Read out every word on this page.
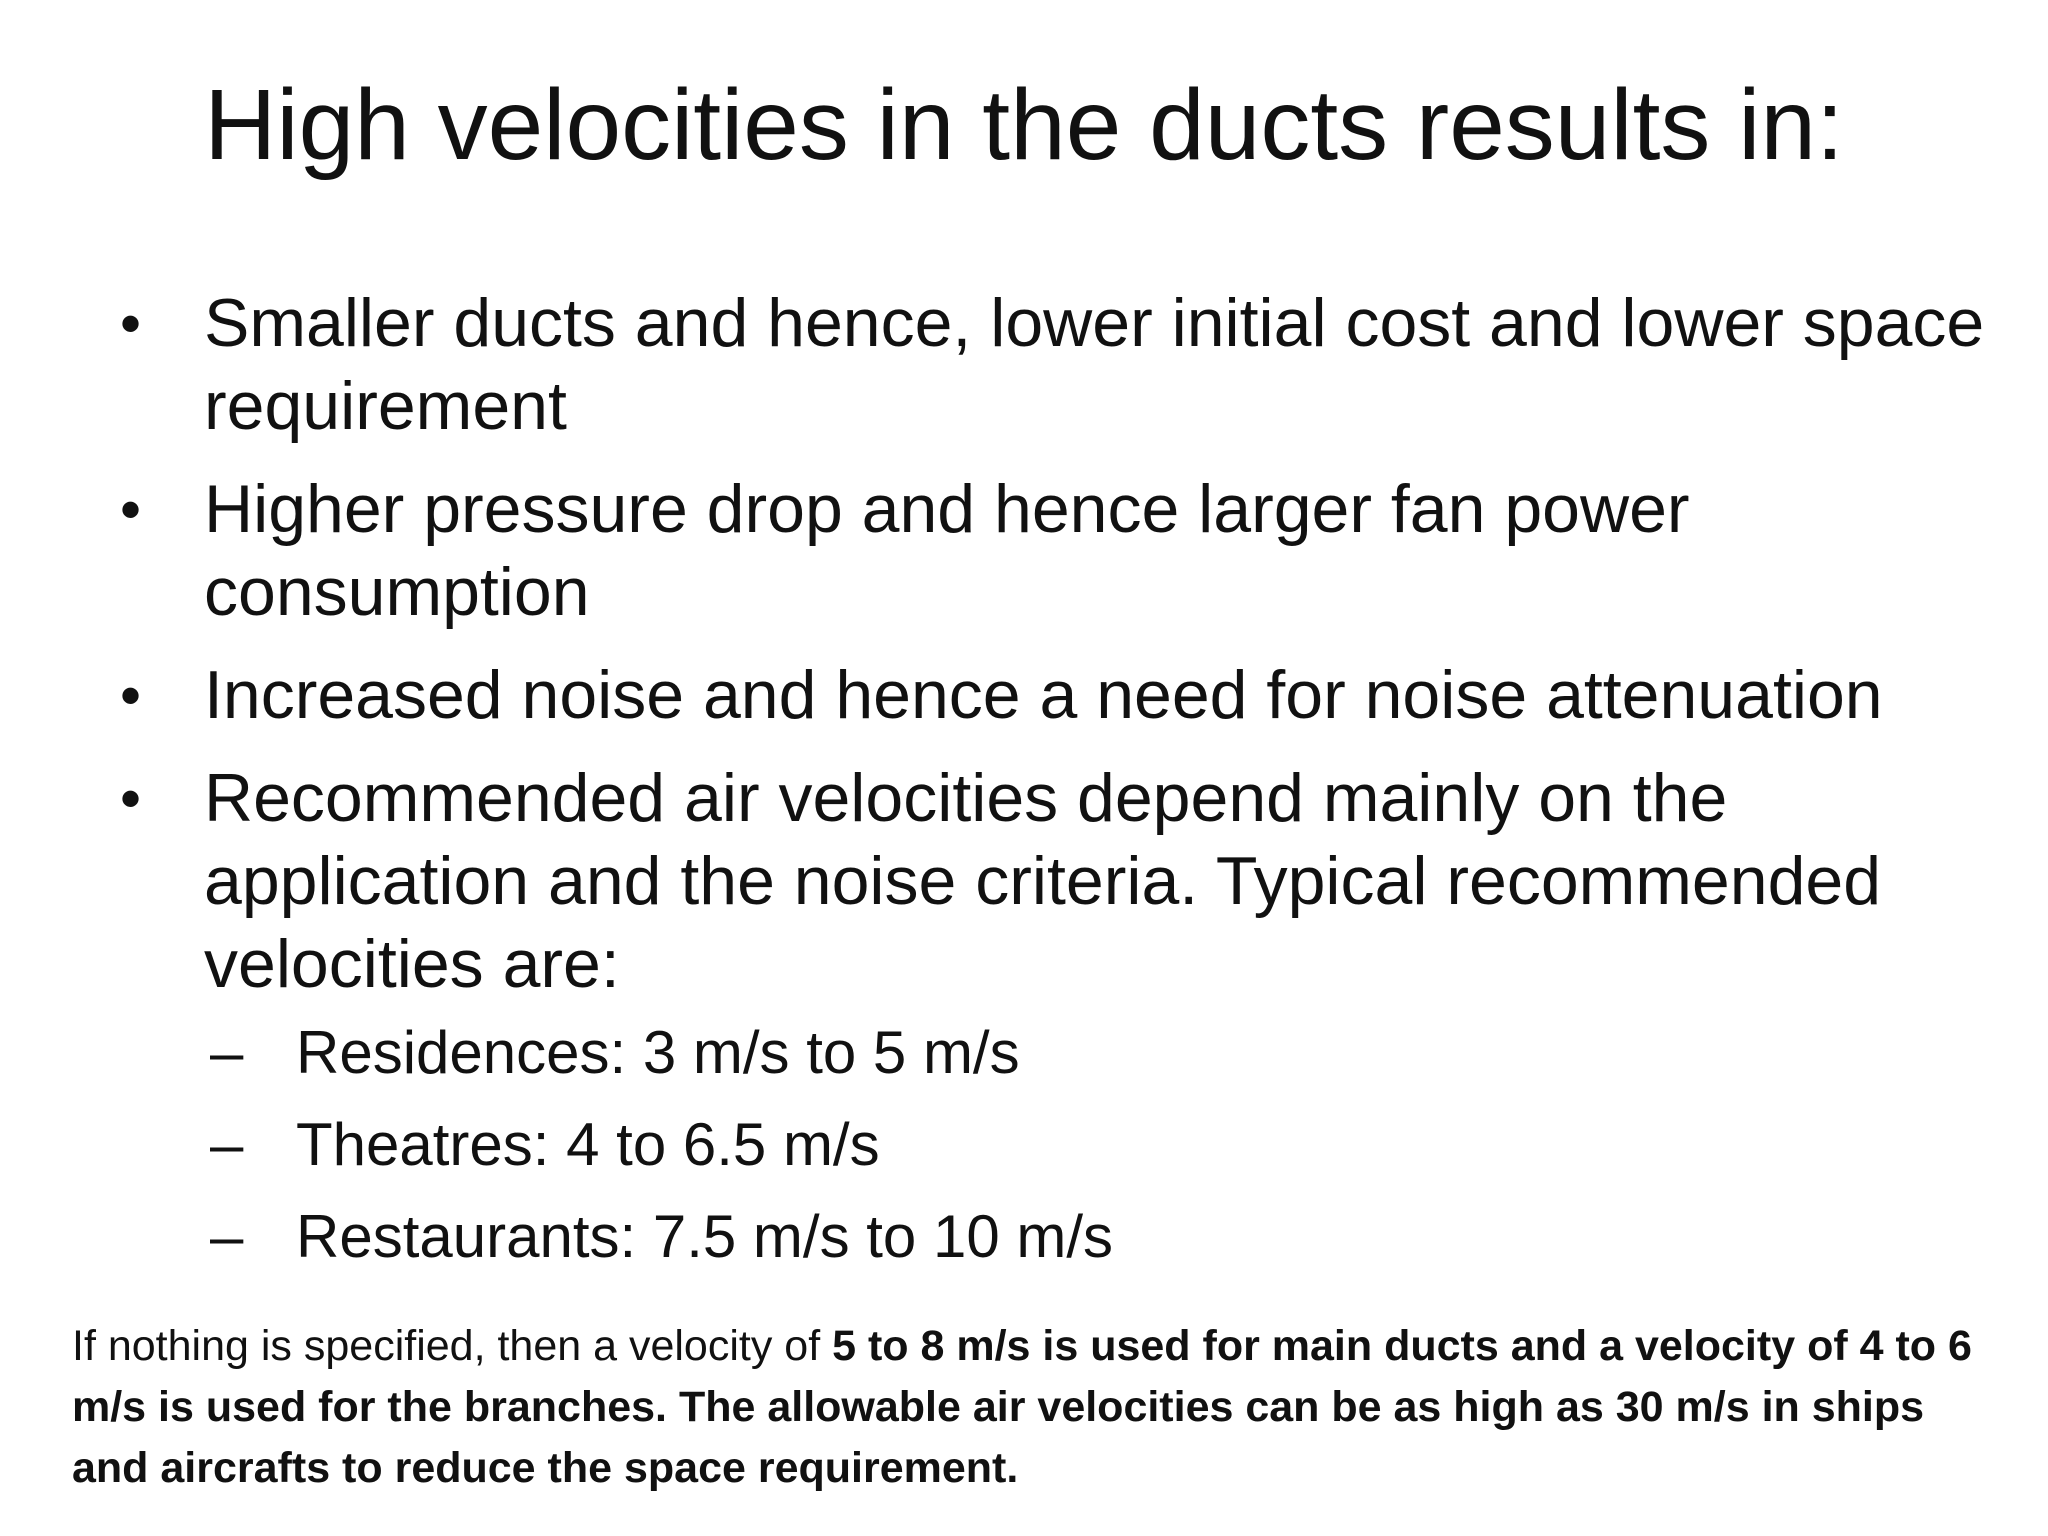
High velocities in the ducts results in:
• Smaller ducts and hence, lower initial cost and lower space requirement
• Higher pressure drop and hence larger fan power consumption
• Increased noise and hence a need for noise attenuation
• Recommended air velocities depend mainly on the application and the noise criteria. Typical recommended velocities are:
– Residences: 3 m/s to 5 m/s
– Theatres: 4 to 6.5 m/s
– Restaurants: 7.5 m/s to 10 m/s

If nothing is specified, then a velocity of 5 to 8 m/s is used for main ducts and a velocity of 4 to 6 m/s is used for the branches. The allowable air velocities can be as high as 30 m/s in ships and aircrafts to reduce the space requirement.
